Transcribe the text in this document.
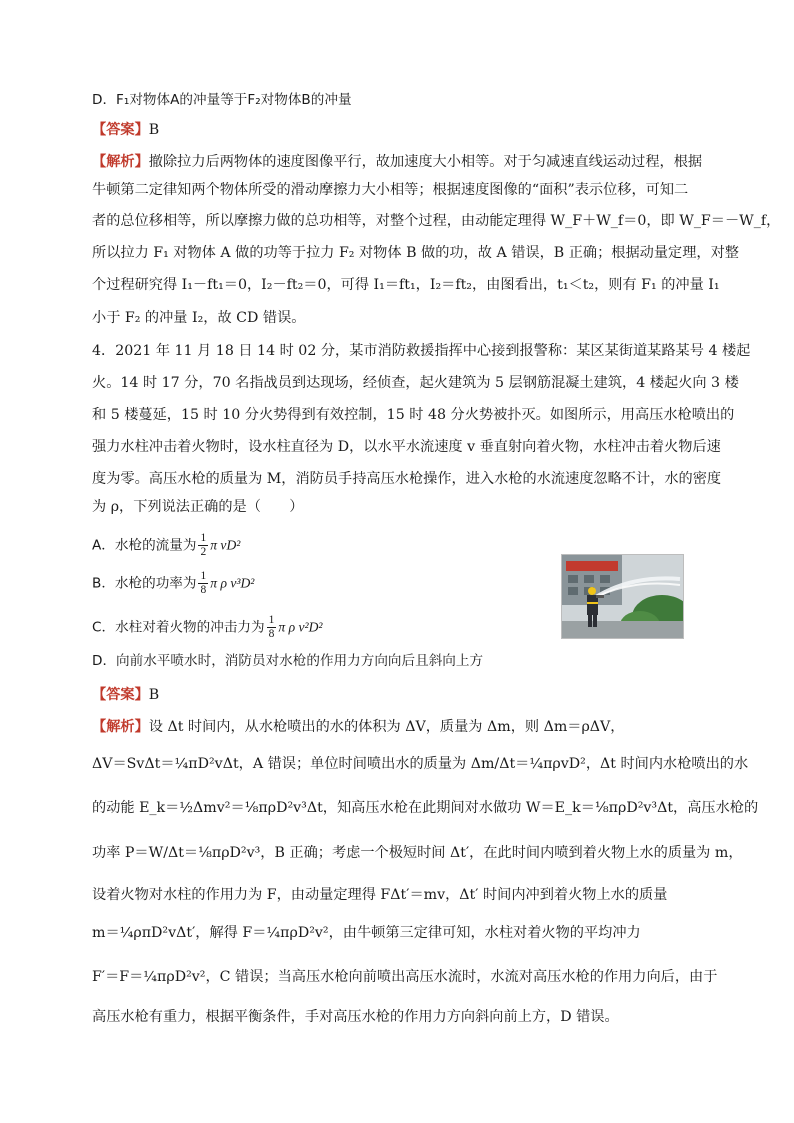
D．F₁对物体A的冲量等于F₂对物体B的冲量
【答案】B
【解析】撤除拉力后两物体的速度图像平行，故加速度大小相等。对于匀减速直线运动过程，根据
牛顿第二定律知两个物体所受的滑动摩擦力大小相等；根据速度图像的“面积”表示位移，可知二
者的总位移相等，所以摩擦力做的总功相等，对整个过程，由动能定理得 W_F＋W_f＝0，即 W_F＝－W_f，
所以拉力 F₁ 对物体 A 做的功等于拉力 F₂ 对物体 B 做的功，故 A 错误，B 正确；根据动量定理，对整
个过程研究得 I₁－ft₁＝0，I₂－ft₂＝0，可得 I₁＝ft₁，I₂＝ft₂，由图看出，t₁＜t₂，则有 F₁ 的冲量 I₁
小于 F₂ 的冲量 I₂，故 CD 错误。
4．2021 年 11 月 18 日 14 时 02 分，某市消防救援指挥中心接到报警称：某区某街道某路某号 4 楼起
火。14 时 17 分，70 名指战员到达现场，经侦查，起火建筑为 5 层钢筋混凝土建筑，4 楼起火向 3 楼
和 5 楼蔓延，15 时 10 分火势得到有效控制，15 时 48 分火势被扑灭。如图所示，用高压水枪喷出的
强力水柱冲击着火物时，设水柱直径为 D，以水平水流速度 v 垂直射向着火物，水柱冲击着火物后速
度为零。高压水枪的质量为 M，消防员手持高压水枪操作，进入水枪的水流速度忽略不计，水的密度
为 ρ，下列说法正确的是（　　）
A．水枪的流量为 $\frac{1}{2}$ π vD²
B．水枪的功率为 $\frac{1}{8}$ π ρ v³D²
C．水柱对着火物的冲击力为 $\frac{1}{8}$ π ρ v²D²
D．向前水平喷水时，消防员对水枪的作用力方向向后且斜向上方
【答案】B
【解析】设 Δt 时间内，从水枪喷出的水的体积为 ΔV，质量为 Δm，则 Δm＝ρΔV，
ΔV＝SvΔt＝¼πD²vΔt，A 错误；单位时间喷出水的质量为 Δm/Δt＝¼πρvD²，Δt 时间内水枪喷出的水
的动能 E_k＝½Δmv²＝⅛πρD²v³Δt，知高压水枪在此期间对水做功 W＝E_k＝⅛πρD²v³Δt，高压水枪的
功率 P＝W/Δt＝⅛πρD²v³，B 正确；考虑一个极短时间 Δt′，在此时间内喷到着火物上水的质量为 m，
设着火物对水柱的作用力为 F，由动量定理得 FΔt′＝mv，Δt′ 时间内冲到着火物上水的质量
m＝¼ρπD²vΔt′，解得 F＝¼πρD²v²，由牛顿第三定律可知，水柱对着火物的平均冲力
F′＝F＝¼πρD²v²，C 错误；当高压水枪向前喷出高压水流时，水流对高压水枪的作用力向后，由于
高压水枪有重力，根据平衡条件，手对高压水枪的作用力方向斜向前上方，D 错误。
